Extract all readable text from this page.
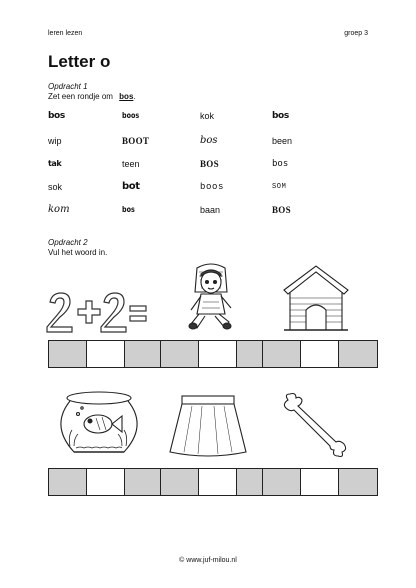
leren lezen	groep 3
Letter o
Opdracht 1
Zet een rondje om bos.
bos	boos	kok	bos
wip	BOOT	bos	been
tak	teen	BOS	bos
sok	bot	boos	SOM
kom	bos	baan	BOS
Opdracht 2
Vul het woord in.
© www.juf-milou.nl
